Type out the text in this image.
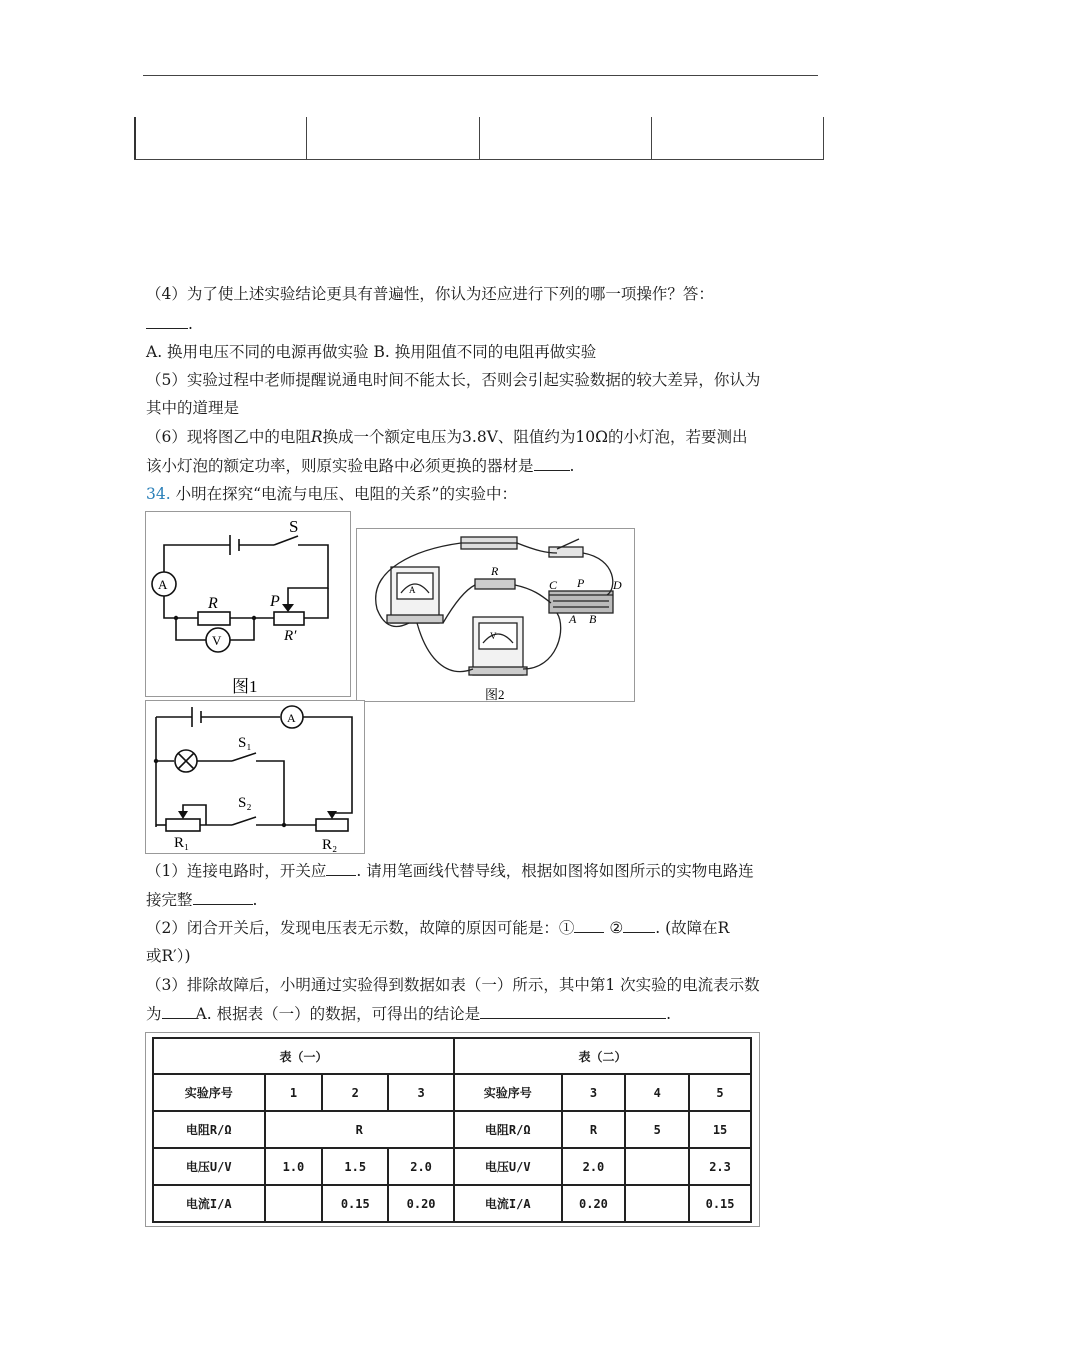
（4）为了使上述实验结论更具有普遍性，你认为还应进行下列的哪一项操作？答：
.
A. 换用电压不同的电源再做实验 B. 换用阻值不同的电阻再做实验
（5）实验过程中老师提醒说通电时间不能太长，否则会引起实验数据的较大差异，你认为
其中的道理是
（6）现将图乙中的电阻R换成一个额定电压为3.8V、阻值约为10Ω的小灯泡，若要测出
该小灯泡的额定功率，则原实验电路中必须更换的器材是 .
34. 小明在探究“电流与电压、电阻的关系”的实验中：
A
V
S
R	P
R′
图1
A
V
R
C P D
A B
图2
A
S₁
S₂
R₁	R₂
（1）连接电路时，开关应 . 请用笔画线代替导线，根据如图将如图所示的实物电路连
接完整	.
（2）闭合开关后，发现电压表无示数，故障的原因可能是：① ② . (故障在R
或R′）)
（3）排除故障后，小明通过实验得到数据如表（一）所示，其中第1 次实验的电流表示数
为 A. 根据表（一）的数据，可得出的结论是	.
表（一）				表（二）			
实验序号	1	2	3	实验序号	3	4	5
电阻R/Ω	R			电阻R/Ω	R	5	15
电压U/V	1.0	1.5	2.0	电压U/V	2.0		2.3
电流I/A		0.15	0.20	电流I/A	0.20		0.15
